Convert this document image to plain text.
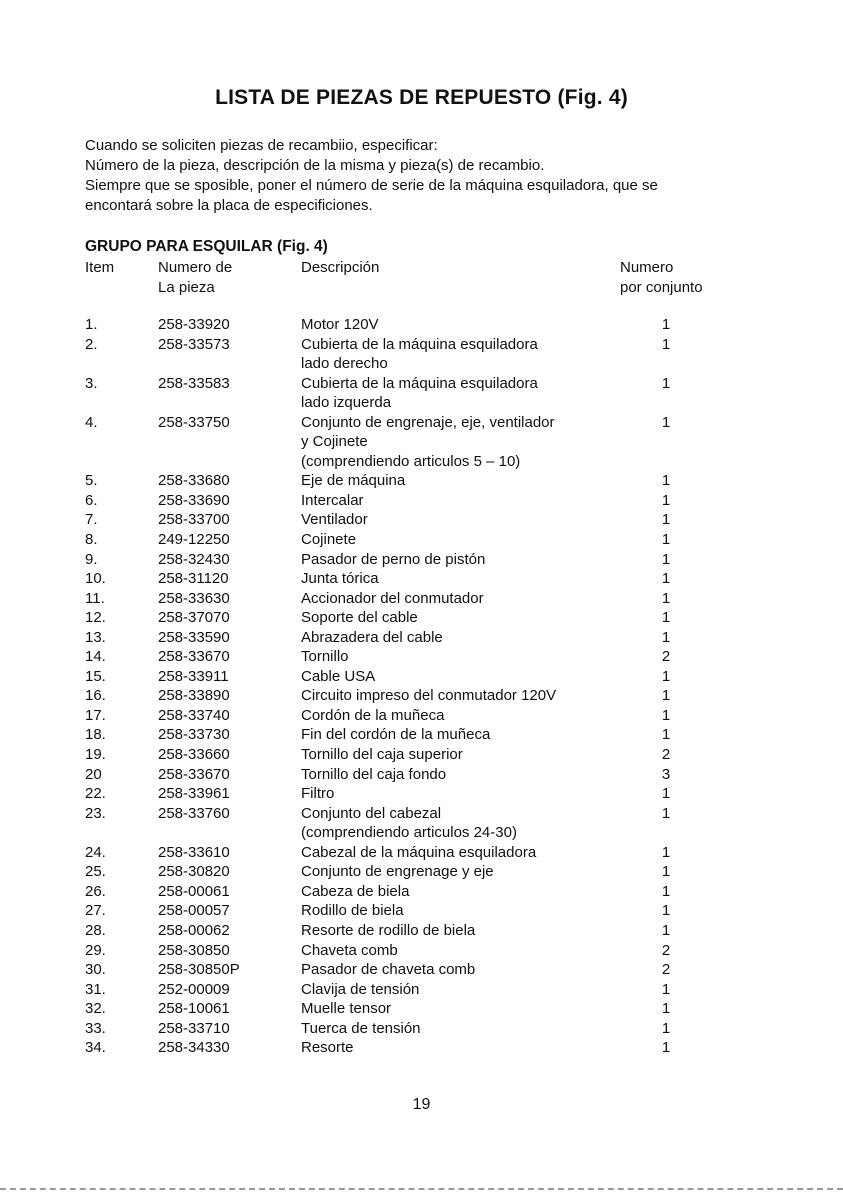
LISTA DE PIEZAS DE REPUESTO (Fig. 4)
Cuando se soliciten piezas de recambiio, especificar:
Número de la pieza, descripción de la misma y pieza(s) de recambio.
Siempre que se sposible, poner el número de serie de la máquina esquiladora, que se
encontará sobre la placa de especificiones.
GRUPO PARA ESQUILAR (Fig. 4)
Item	Numero de
La pieza
Descripción	Numero
por conjunto
1.	258-33920	Motor 120V	1
2.	258-33573	Cubierta de la máquina esquiladora
lado derecho
1
3.	258-33583	Cubierta de la máquina esquiladora
lado izquerda
1
4.	258-33750	Conjunto de engrenaje, eje, ventilador
y Cojinete
(comprendiendo articulos 5 – 10)
1
5.	258-33680	Eje de máquina	1
6.	258-33690	Intercalar	1
7.	258-33700	Ventilador	1
8.	249-12250	Cojinete	1
9.	258-32430	Pasador de perno de pistón	1
10.	258-31120	Junta tórica	1
11.	258-33630	Accionador del conmutador	1
12.	258-37070	Soporte del cable	1
13.	258-33590	Abrazadera del cable	1
14.	258-33670	Tornillo	2
15.	258-33911	Cable USA	1
16.	258-33890	Circuito impreso del conmutador 120V	1
17.	258-33740	Cordón de la muñeca	1
18.	258-33730	Fin del cordón de la muñeca	1
19.	258-33660	Tornillo del caja superior	2
20	258-33670	Tornillo del caja fondo	3
22.	258-33961	Filtro	1
23.	258-33760	Conjunto del cabezal
(comprendiendo articulos 24-30)
1
24.	258-33610	Cabezal de la máquina esquiladora	1
25.	258-30820	Conjunto de engrenage y eje	1
26.	258-00061	Cabeza de biela	1
27.	258-00057	Rodillo de biela	1
28.	258-00062	Resorte de rodillo de biela	1
29.	258-30850	Chaveta comb	2
30.	258-30850P	Pasador de chaveta comb	2
31.	252-00009	Clavija de tensión	1
32.	258-10061	Muelle tensor	1
33.	258-33710	Tuerca de tensión	1
34.	258-34330	Resorte	1
19
